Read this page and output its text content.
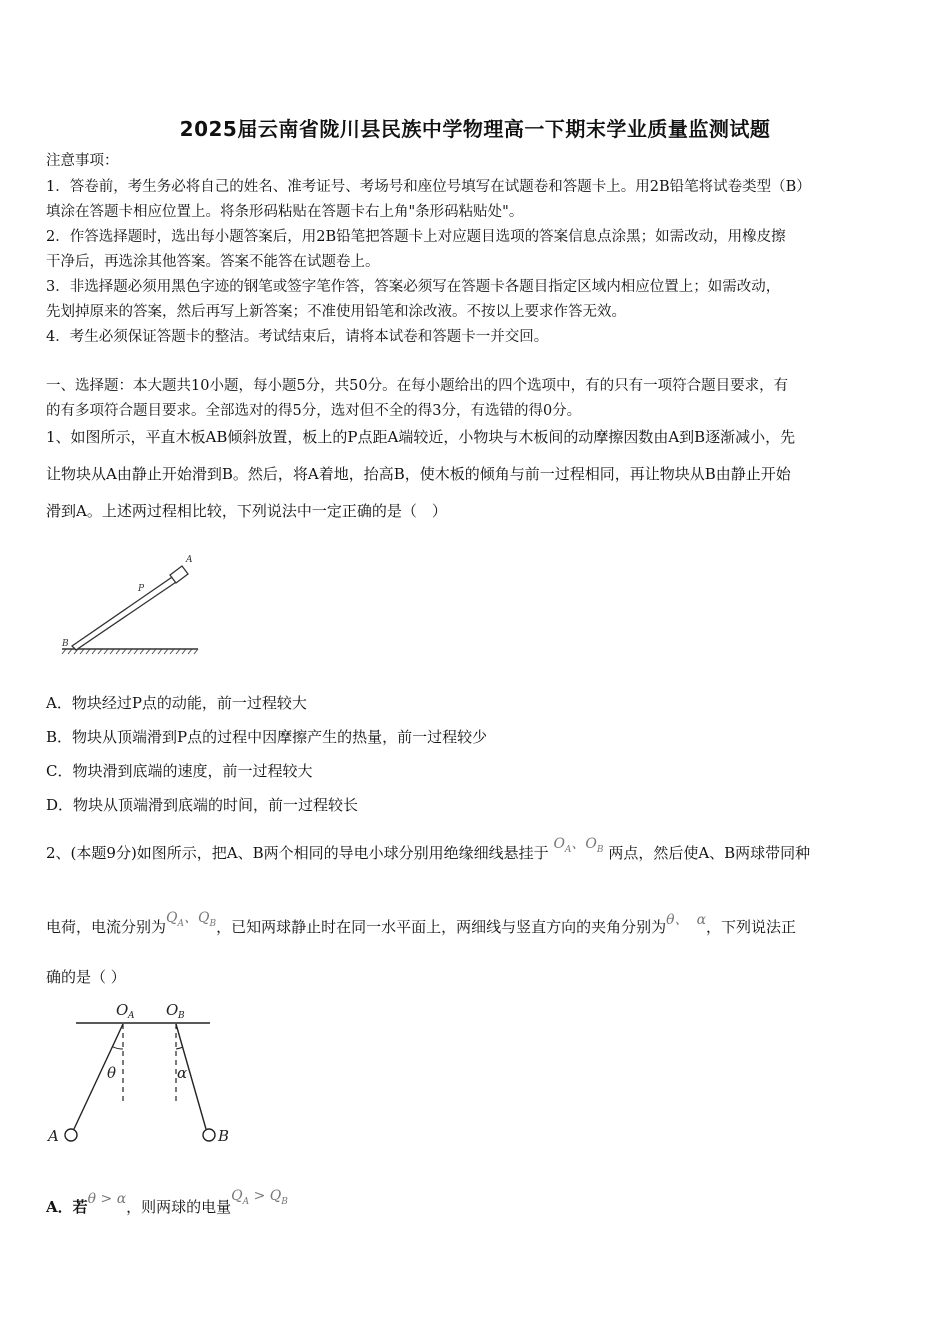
2025届云南省陇川县民族中学物理高一下期末学业质量监测试题
注意事项：
1．答卷前，考生务必将自己的姓名、准考证号、考场号和座位号填写在试题卷和答题卡上。用2B铅笔将试卷类型（B）
填涂在答题卡相应位置上。将条形码粘贴在答题卡右上角"条形码粘贴处"。
2．作答选择题时，选出每小题答案后，用2B铅笔把答题卡上对应题目选项的答案信息点涂黑；如需改动，用橡皮擦
干净后，再选涂其他答案。答案不能答在试题卷上。
3．非选择题必须用黑色字迹的钢笔或签字笔作答，答案必须写在答题卡各题目指定区域内相应位置上；如需改动，
先划掉原来的答案，然后再写上新答案；不准使用铅笔和涂改液。不按以上要求作答无效。
4．考生必须保证答题卡的整洁。考试结束后，请将本试卷和答题卡一并交回。
一、选择题：本大题共10小题，每小题5分，共50分。在每小题给出的四个选项中，有的只有一项符合题目要求，有
的有多项符合题目要求。全部选对的得5分，选对但不全的得3分，有选错的得0分。
1、如图所示，平直木板AB倾斜放置，板上的P点距A端较近，小物块与木板间的动摩擦因数由A到B逐渐减小，先
让物块从A由静止开始滑到B。然后，将A着地，抬高B，使木板的倾角与前一过程相同，再让物块从B由静止开始
滑到A。上述两过程相比较，下列说法中一定正确的是（　）
A
P
B
A．物块经过P点的动能，前一过程较大
B．物块从顶端滑到P点的过程中因摩擦产生的热量，前一过程较少
C．物块滑到底端的速度，前一过程较大
D．物块从顶端滑到底端的时间，前一过程较长
2、(本题9分)如图所示，把A、B两个相同的导电小球分别用绝缘细线悬挂于 $O_A$、$O_B$ 两点，然后使A、B两球带同种
电荷，电流分别为$Q_A$、$Q_B$，已知两球静止时在同一水平面上，两细线与竖直方向的夹角分别为θ、 α，下列说法正
确的是（ ）
O A O B
θ	α
A	B
A．若θ > α，则两球的电量$Q_A > Q_B$
